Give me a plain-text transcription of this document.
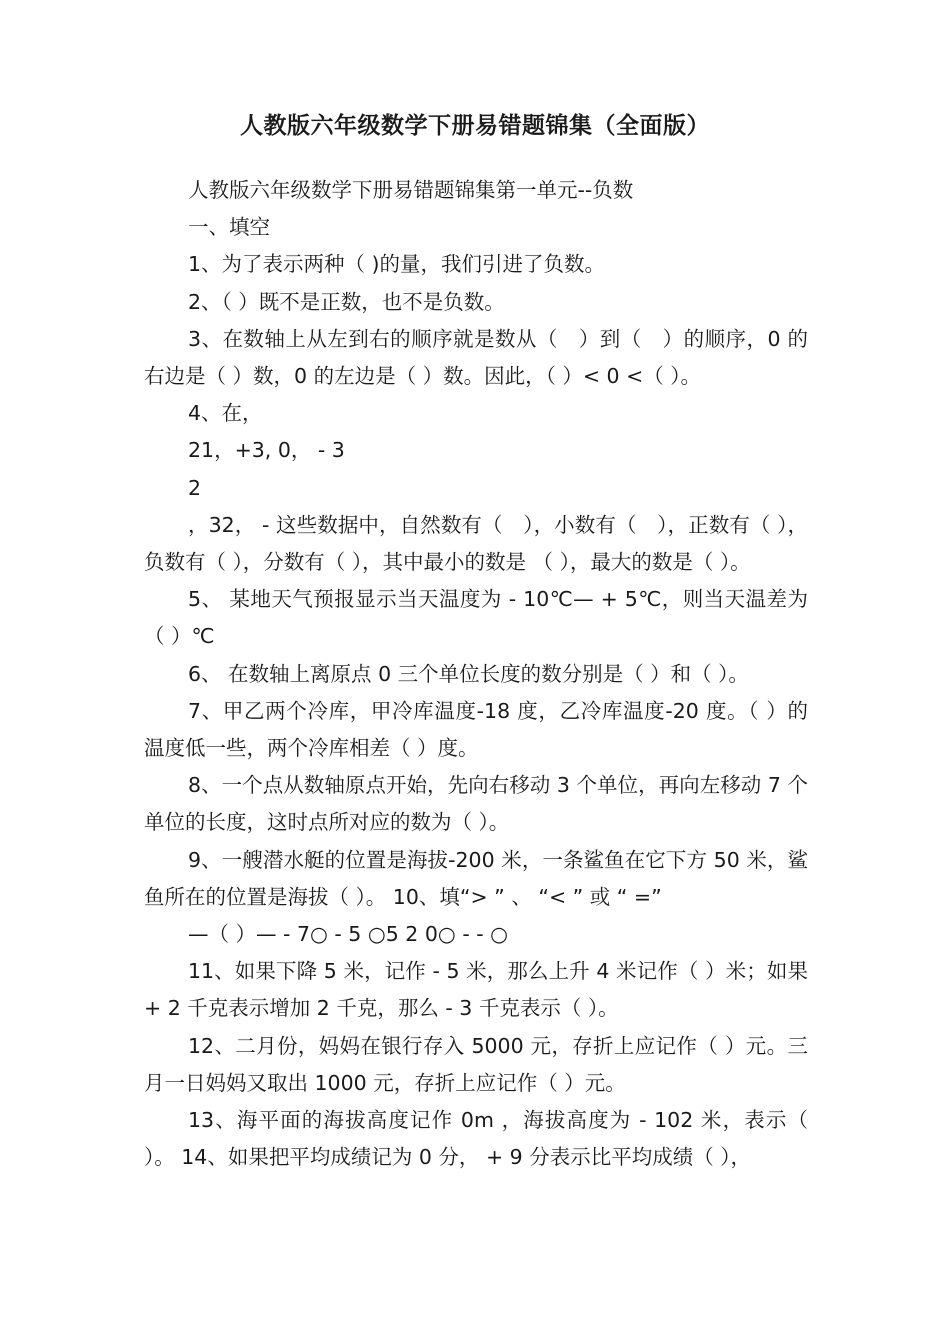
人教版六年级数学下册易错题锦集（全面版）

人教版六年级数学下册易错题锦集第一单元--负数

一、填空

1、为了表示两种（ )的量，我们引进了负数。

2、（ ）既不是正数，也不是负数。

3、在数轴上从左到右的顺序就是数从（　）到（　）的顺序，0 的右边是（ ）数，0 的左边是（ ）数。因此，（ ）< 0 <（ ）。

4、在，

21，+3, 0， - 3

2

，32， - 这些数据中，自然数有（　），小数有（　），正数有（ ），负数有（ ），分数有（ ），其中最小的数是 （ ），最大的数是（ ）。

5、 某地天气预报显示当天温度为 - 10℃— + 5℃，则当天温差为（ ）℃

6、 在数轴上离原点 0 三个单位长度的数分别是（ ）和（ ）。

7、甲乙两个冷库，甲冷库温度-18 度，乙冷库温度-20 度。（ ）的温度低一些，两个冷库相差（ ）度。

8、一个点从数轴原点开始，先向右移动 3 个单位，再向左移动 7 个单位的长度，这时点所对应的数为（ ）。

9、一艘潜水艇的位置是海拔-200 米，一条鲨鱼在它下方 50 米，鲨鱼所在的位置是海拔（ ）。 10、填“> ” 、 “< ” 或 “ =”

—（ ）— - 7○ - 5 ○5 2 0○ - - ○

11、如果下降 5 米，记作 - 5 米，那么上升 4 米记作（ ）米；如果 + 2 千克表示增加 2 千克，那么 - 3 千克表示（ ）。

12、二月份，妈妈在银行存入 5000 元，存折上应记作（ ）元。三月一日妈妈又取出 1000 元，存折上应记作（ ）元。

13、海平面的海拔高度记作 0m ，海拔高度为 - 102 米，表示（ ）。 14、如果把平均成绩记为 0 分， + 9 分表示比平均成绩（ ），
